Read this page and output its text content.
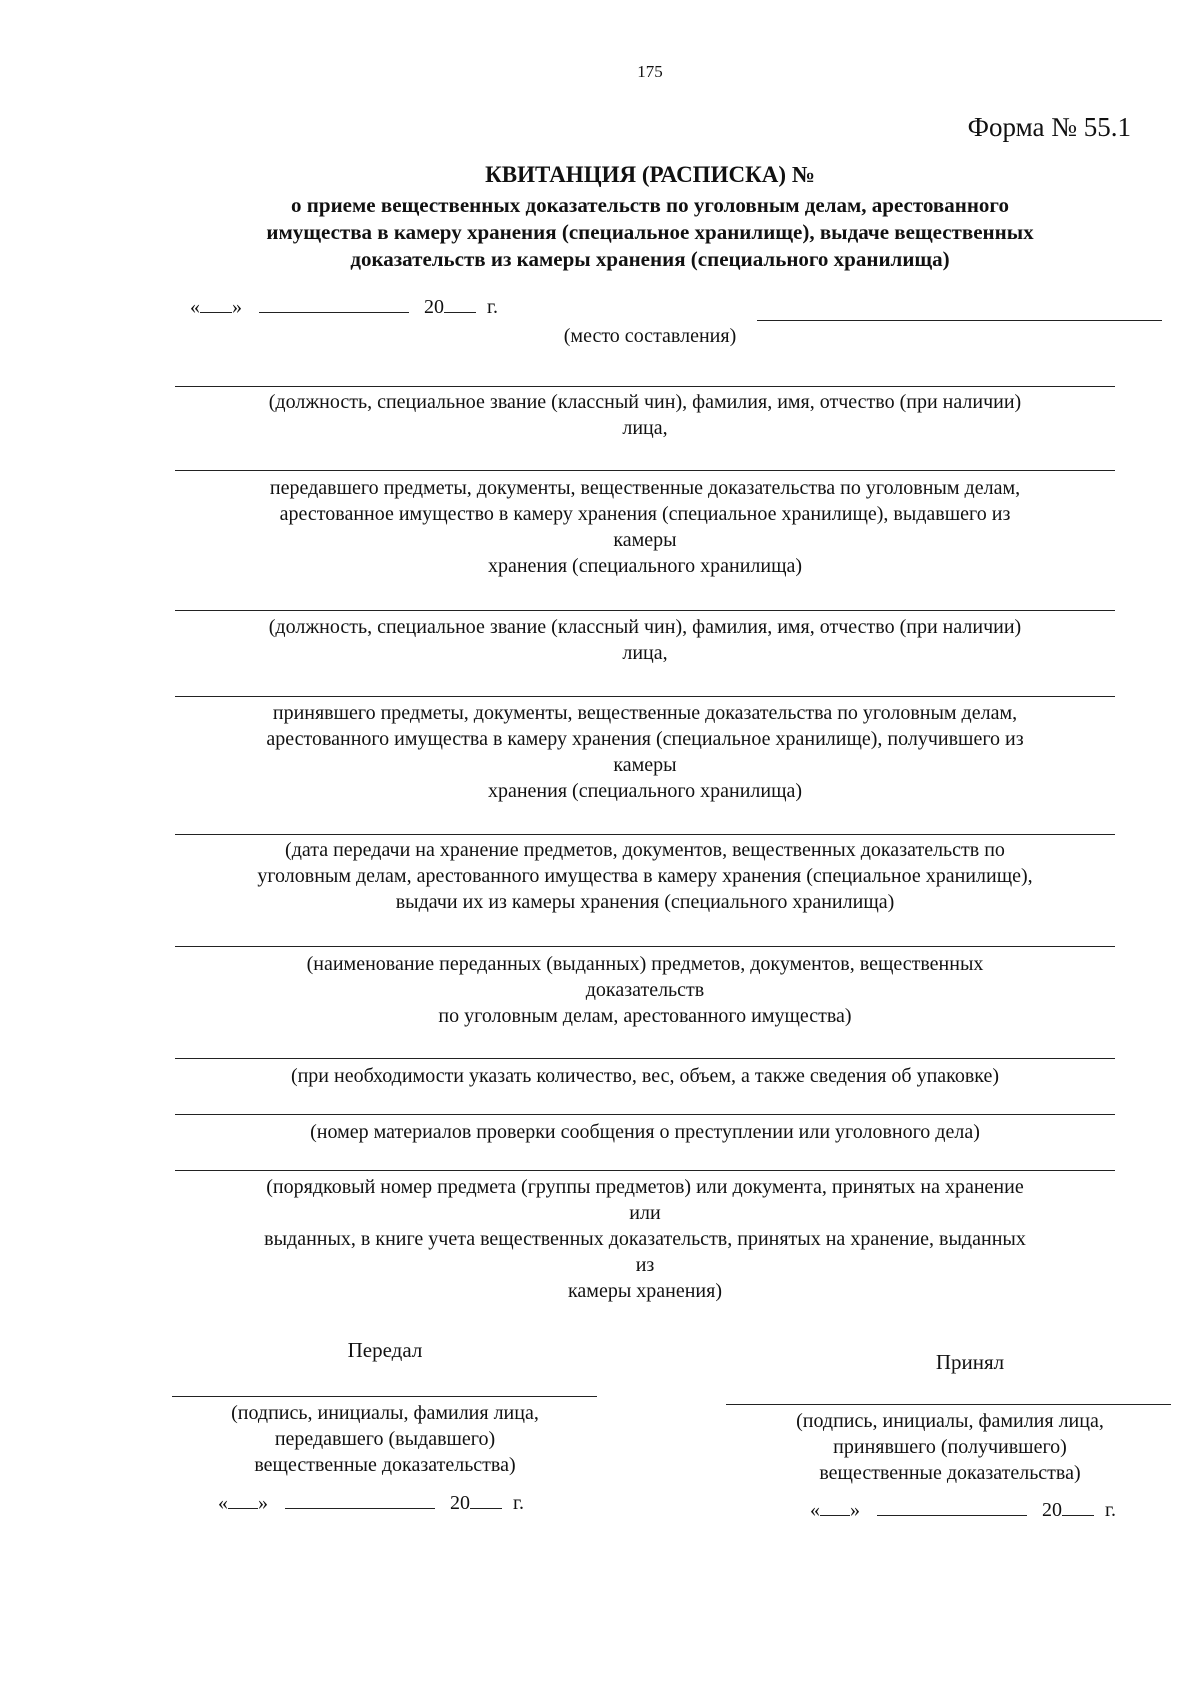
175
Форма № 55.1
КВИТАНЦИЯ (РАСПИСКА) №
о приеме вещественных доказательств по уголовным делам, арестованного
имущества в камеру хранения (специальное хранилище), выдаче вещественных
доказательств из камеры хранения (специального хранилища)
« »	20 г.
(место составления)
(должность, специальное звание (классный чин), фамилия, имя, отчество (при наличии)
лица,
передавшего предметы, документы, вещественные доказательства по уголовным делам,
арестованное имущество в камеру хранения (специальное хранилище), выдавшего из
камеры
хранения (специального хранилища)
(должность, специальное звание (классный чин), фамилия, имя, отчество (при наличии)
лица,
принявшего предметы, документы, вещественные доказательства по уголовным делам,
арестованного имущества в камеру хранения (специальное хранилище), получившего из
камеры
хранения (специального хранилища)
(дата передачи на хранение предметов, документов, вещественных доказательств по
уголовным делам, арестованного имущества в камеру хранения (специальное хранилище),
выдачи их из камеры хранения (специального хранилища)
(наименование переданных (выданных) предметов, документов, вещественных
доказательств
по уголовным делам, арестованного имущества)
(при необходимости указать количество, вес, объем, а также сведения об упаковке)
(номер материалов проверки сообщения о преступлении или уголовного дела)
(порядковый номер предмета (группы предметов) или документа, принятых на хранение
или
выданных, в книге учета вещественных доказательств, принятых на хранение, выданных
из
камеры хранения)
Передал
(подпись, инициалы, фамилия лица,
передавшего (выдавшего)
вещественные доказательства)
« »	20 г.
Принял
(подпись, инициалы, фамилия лица,
принявшего (получившего)
вещественные доказательства)
« »	20 г.
